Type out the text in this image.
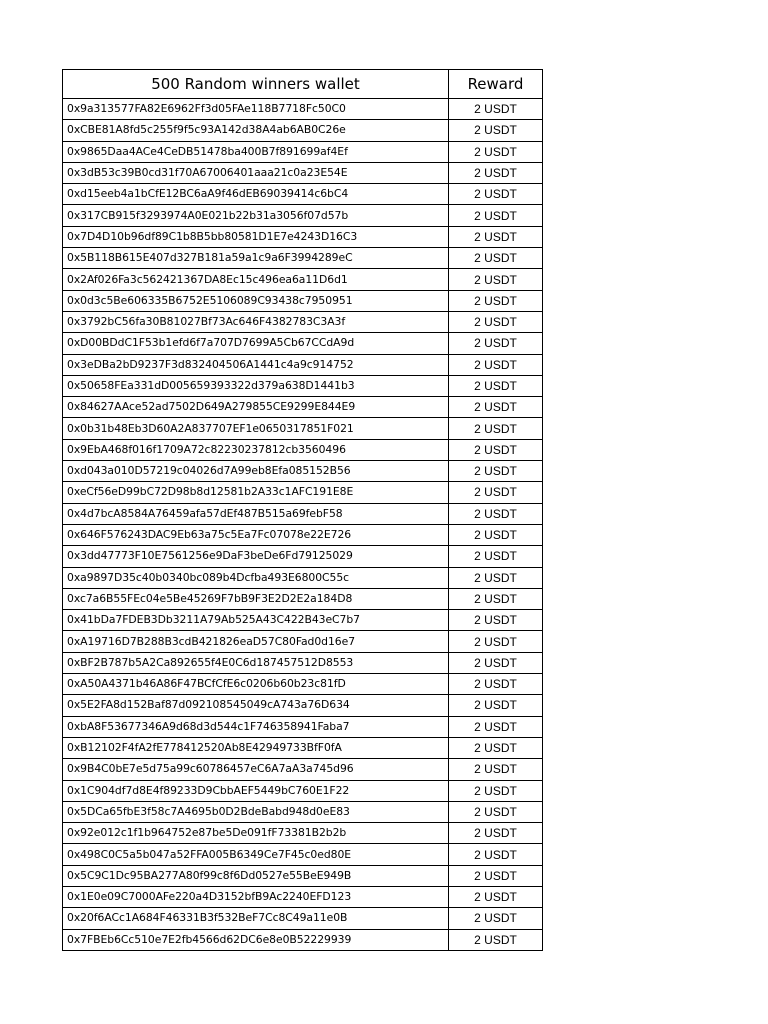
500 Random winners wallet	Reward
0x9a313577FA82E6962Ff3d05FAe118B7718Fc50C0	2 USDT
0xCBE81A8fd5c255f9f5c93A142d38A4ab6AB0C26e	2 USDT
0x9865Daa4ACe4CeDB51478ba400B7f891699af4Ef	2 USDT
0x3dB53c39B0cd31f70A67006401aaa21c0a23E54E	2 USDT
0xd15eeb4a1bCfE12BC6aA9f46dEB69039414c6bC4	2 USDT
0x317CB915f3293974A0E021b22b31a3056f07d57b	2 USDT
0x7D4D10b96df89C1b8B5bb80581D1E7e4243D16C3	2 USDT
0x5B118B615E407d327B181a59a1c9a6F3994289eC	2 USDT
0x2Af026Fa3c562421367DA8Ec15c496ea6a11D6d1	2 USDT
0x0d3c5Be606335B6752E5106089C93438c7950951	2 USDT
0x3792bC56fa30B81027Bf73Ac646F4382783C3A3f	2 USDT
0xD00BDdC1F53b1efd6f7a707D7699A5Cb67CCdA9d	2 USDT
0x3eDBa2bD9237F3d832404506A1441c4a9c914752	2 USDT
0x50658FEa331dD005659393322d379a638D1441b3	2 USDT
0x84627AAce52ad7502D649A279855CE9299E844E9	2 USDT
0x0b31b48Eb3D60A2A837707EF1e0650317851F021	2 USDT
0x9EbA468f016f1709A72c82230237812cb3560496	2 USDT
0xd043a010D57219c04026d7A99eb8Efa085152B56	2 USDT
0xeCf56eD99bC72D98b8d12581b2A33c1AFC191E8E	2 USDT
0x4d7bcA8584A76459afa57dEf487B515a69febF58	2 USDT
0x646F576243DAC9Eb63a75c5Ea7Fc07078e22E726	2 USDT
0x3dd47773F10E7561256e9DaF3beDe6Fd79125029	2 USDT
0xa9897D35c40b0340bc089b4Dcfba493E6800C55c	2 USDT
0xc7a6B55FEc04e5Be45269F7bB9F3E2D2E2a184D8	2 USDT
0x41bDa7FDEB3Db3211A79Ab525A43C422B43eC7b7	2 USDT
0xA19716D7B288B3cdB421826eaD57C80Fad0d16e7	2 USDT
0xBF2B787b5A2Ca892655f4E0C6d187457512D8553	2 USDT
0xA50A4371b46A86F47BCfCfE6c0206b60b23c81fD	2 USDT
0x5E2FA8d152Baf87d092108545049cA743a76D634	2 USDT
0xbA8F53677346A9d68d3d544c1F746358941Faba7	2 USDT
0xB12102F4fA2fE778412520Ab8E42949733BfF0fA	2 USDT
0x9B4C0bE7e5d75a99c60786457eC6A7aA3a745d96	2 USDT
0x1C904df7d8E4f89233D9CbbAEF5449bC760E1F22	2 USDT
0x5DCa65fbE3f58c7A4695b0D2BdeBabd948d0eE83	2 USDT
0x92e012c1f1b964752e87be5De091fF73381B2b2b	2 USDT
0x498C0C5a5b047a52FFA005B6349Ce7F45c0ed80E	2 USDT
0x5C9C1Dc95BA277A80f99c8f6Dd0527e55BeE949B	2 USDT
0x1E0e09C7000AFe220a4D3152bfB9Ac2240EFD123	2 USDT
0x20f6ACc1A684F46331B3f532BeF7Cc8C49a11e0B	2 USDT
0x7FBEb6Cc510e7E2fb4566d62DC6e8e0B52229939	2 USDT
